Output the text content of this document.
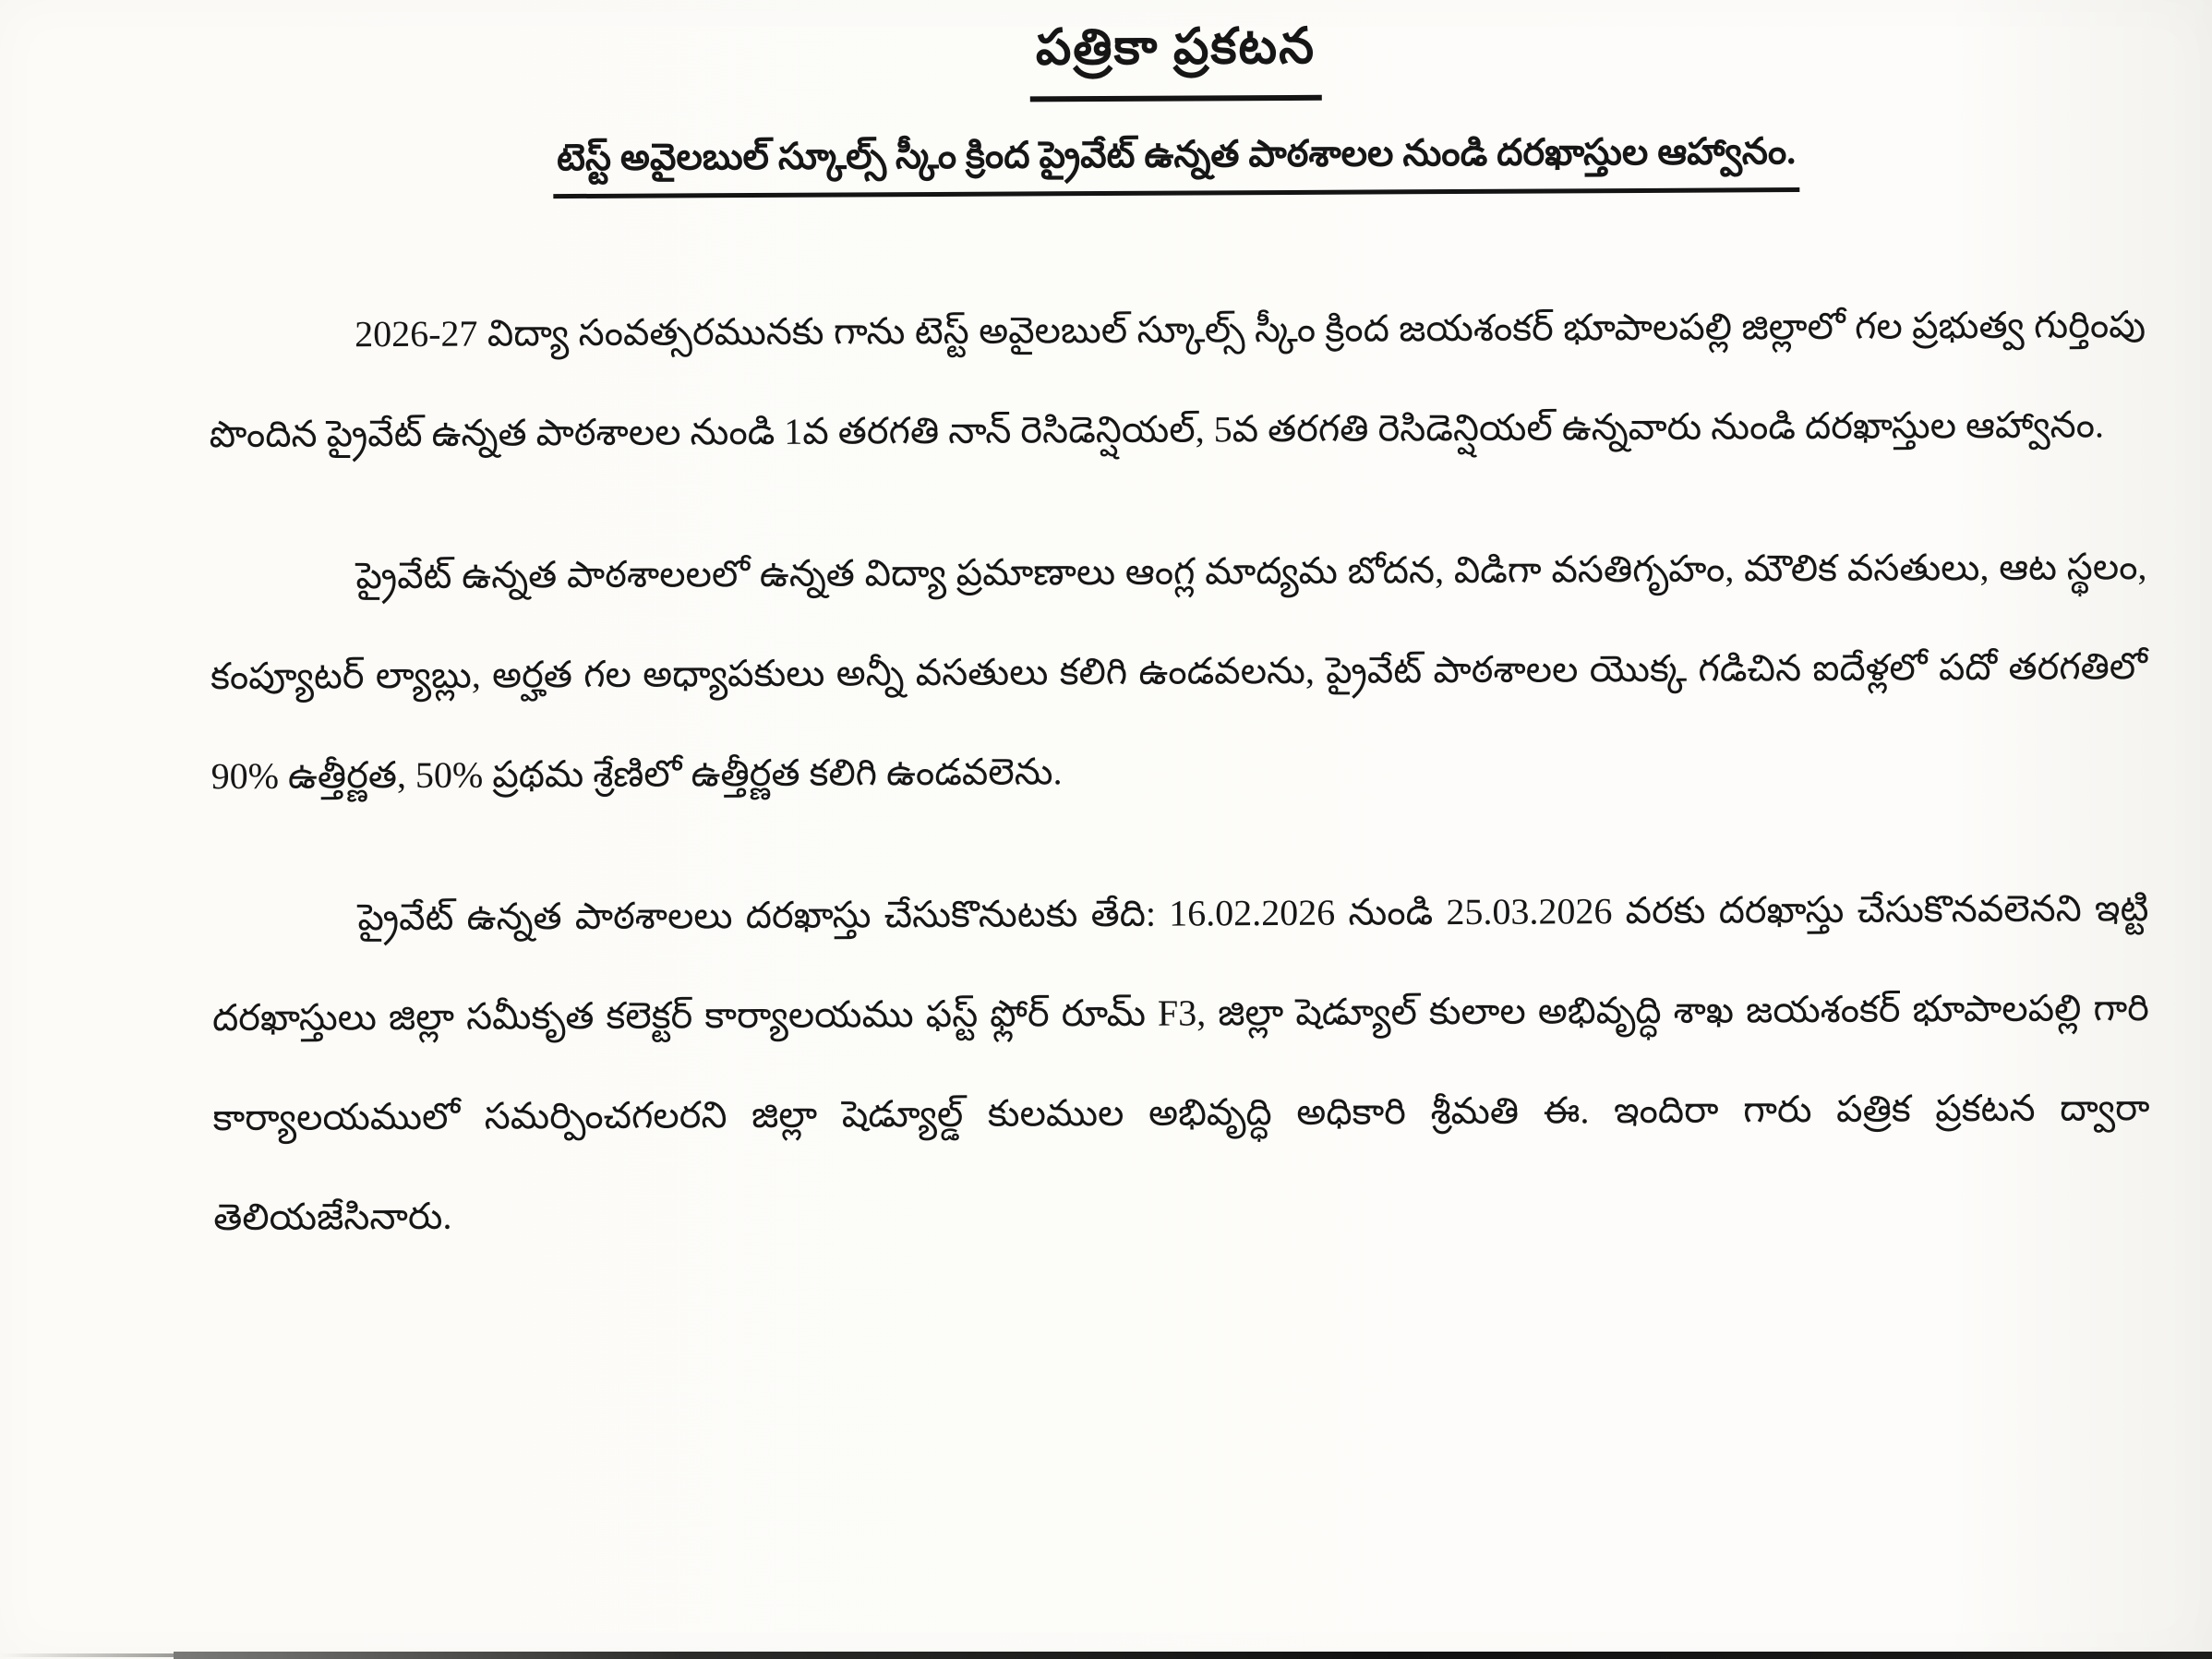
పత్రికా ప్రకటన
టెస్ట్ అవైలబుల్ స్కూల్స్ స్కీం క్రింద ప్రైవేట్ ఉన్నత పాఠశాలల నుండి దరఖాస్తుల ఆహ్వానం.

2026-27 విద్యా సంవత్సరమునకు గాను టెస్ట్ అవైలబుల్ స్కూల్స్ స్కీం క్రింద జయశంకర్ భూపాలపల్లి జిల్లాలో గల ప్రభుత్వ గుర్తింపు పొందిన ప్రైవేట్ ఉన్నత పాఠశాలల నుండి 1వ తరగతి నాన్ రెసిడెన్షియల్, 5వ తరగతి రెసిడెన్షియల్ ఉన్నవారు నుండి దరఖాస్తుల ఆహ్వానం.

ప్రైవేట్ ఉన్నత పాఠశాలలలో ఉన్నత విద్యా ప్రమాణాలు ఆంగ్ల మాద్యమ బోదన, విడిగా వసతిగృహం, మౌలిక వసతులు, ఆట స్థలం, కంప్యూటర్ ల్యాబ్లు, అర్హత గల అధ్యాపకులు అన్నీ వసతులు కలిగి ఉండవలను, ప్రైవేట్ పాఠశాలల యొక్క గడిచిన ఐదేళ్లలో పదో తరగతిలో 90% ఉత్తీర్ణత, 50% ప్రథమ శ్రేణిలో ఉత్తీర్ణత కలిగి ఉండవలెను.

ప్రైవేట్ ఉన్నత పాఠశాలలు దరఖాస్తు చేసుకొనుటకు తేది: 16.02.2026 నుండి 25.03.2026 వరకు దరఖాస్తు చేసుకొనవలెనని ఇట్టి దరఖాస్తులు జిల్లా సమీకృత కలెక్టర్ కార్యాలయము ఫస్ట్ ఫ్లోర్ రూమ్ F3, జిల్లా షెడ్యూల్ కులాల అభివృద్ధి శాఖ జయశంకర్ భూపాలపల్లి గారి కార్యాలయములో సమర్పించగలరని జిల్లా షెడ్యూల్డ్ కులముల అభివృద్ధి అధికారి శ్రీమతి ఈ. ఇందిరా గారు పత్రిక ప్రకటన ద్వారా తెలియజేసినారు.
